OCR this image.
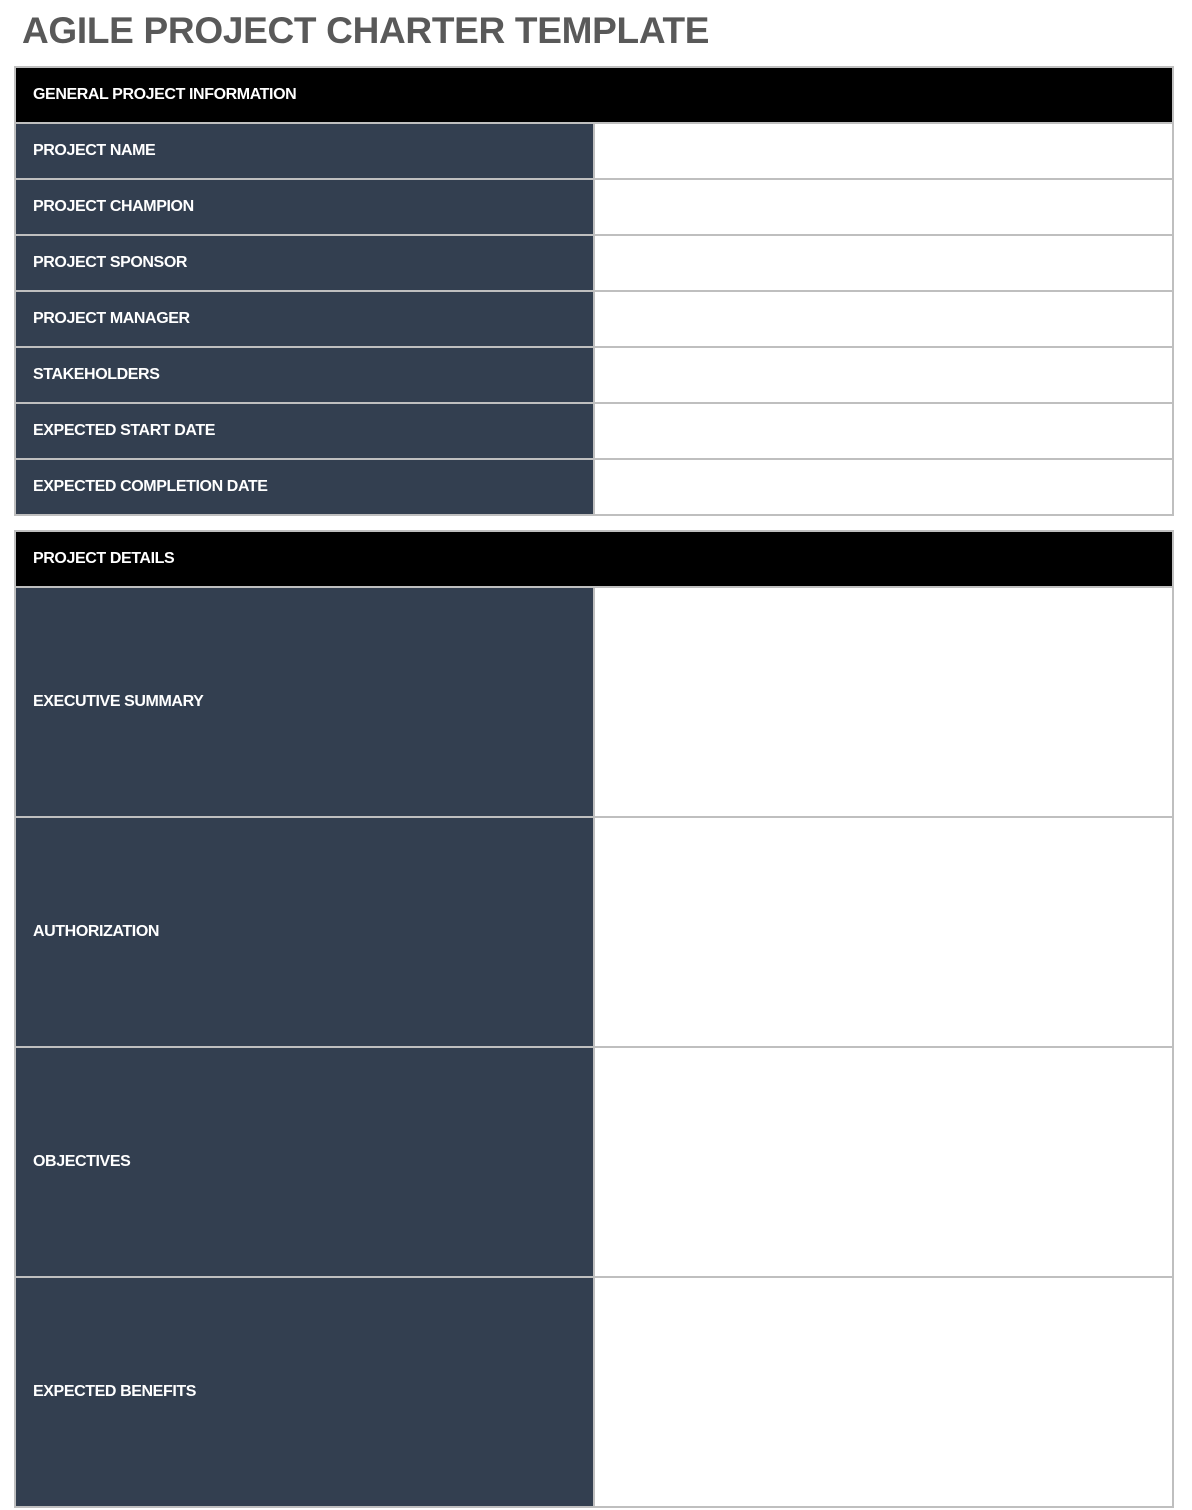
AGILE PROJECT CHARTER TEMPLATE
GENERAL PROJECT INFORMATION	
PROJECT NAME	
PROJECT CHAMPION	
PROJECT SPONSOR	
PROJECT MANAGER	
STAKEHOLDERS	
EXPECTED START DATE	
EXPECTED COMPLETION DATE	
PROJECT DETAILS	
EXECUTIVE SUMMARY	
AUTHORIZATION	
OBJECTIVES	
EXPECTED BENEFITS	
